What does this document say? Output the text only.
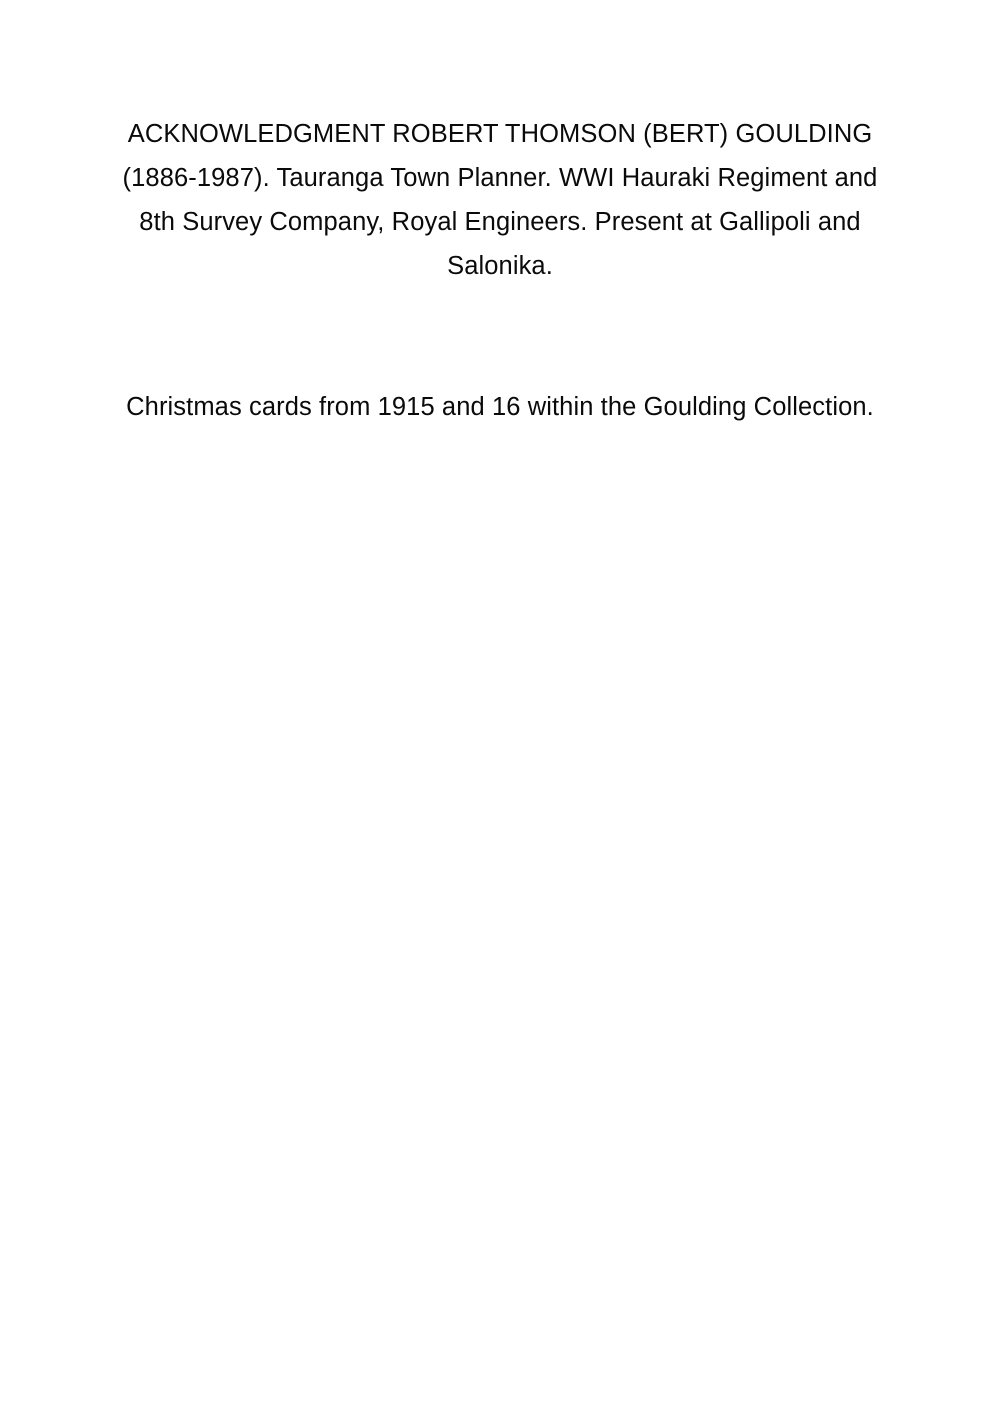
ACKNOWLEDGMENT ROBERT THOMSON (BERT) GOULDING (1886-1987). Tauranga Town Planner. WWI Hauraki Regiment and 8th Survey Company, Royal Engineers. Present at Gallipoli and Salonika.

Christmas cards from 1915 and 16 within the Goulding Collection.
